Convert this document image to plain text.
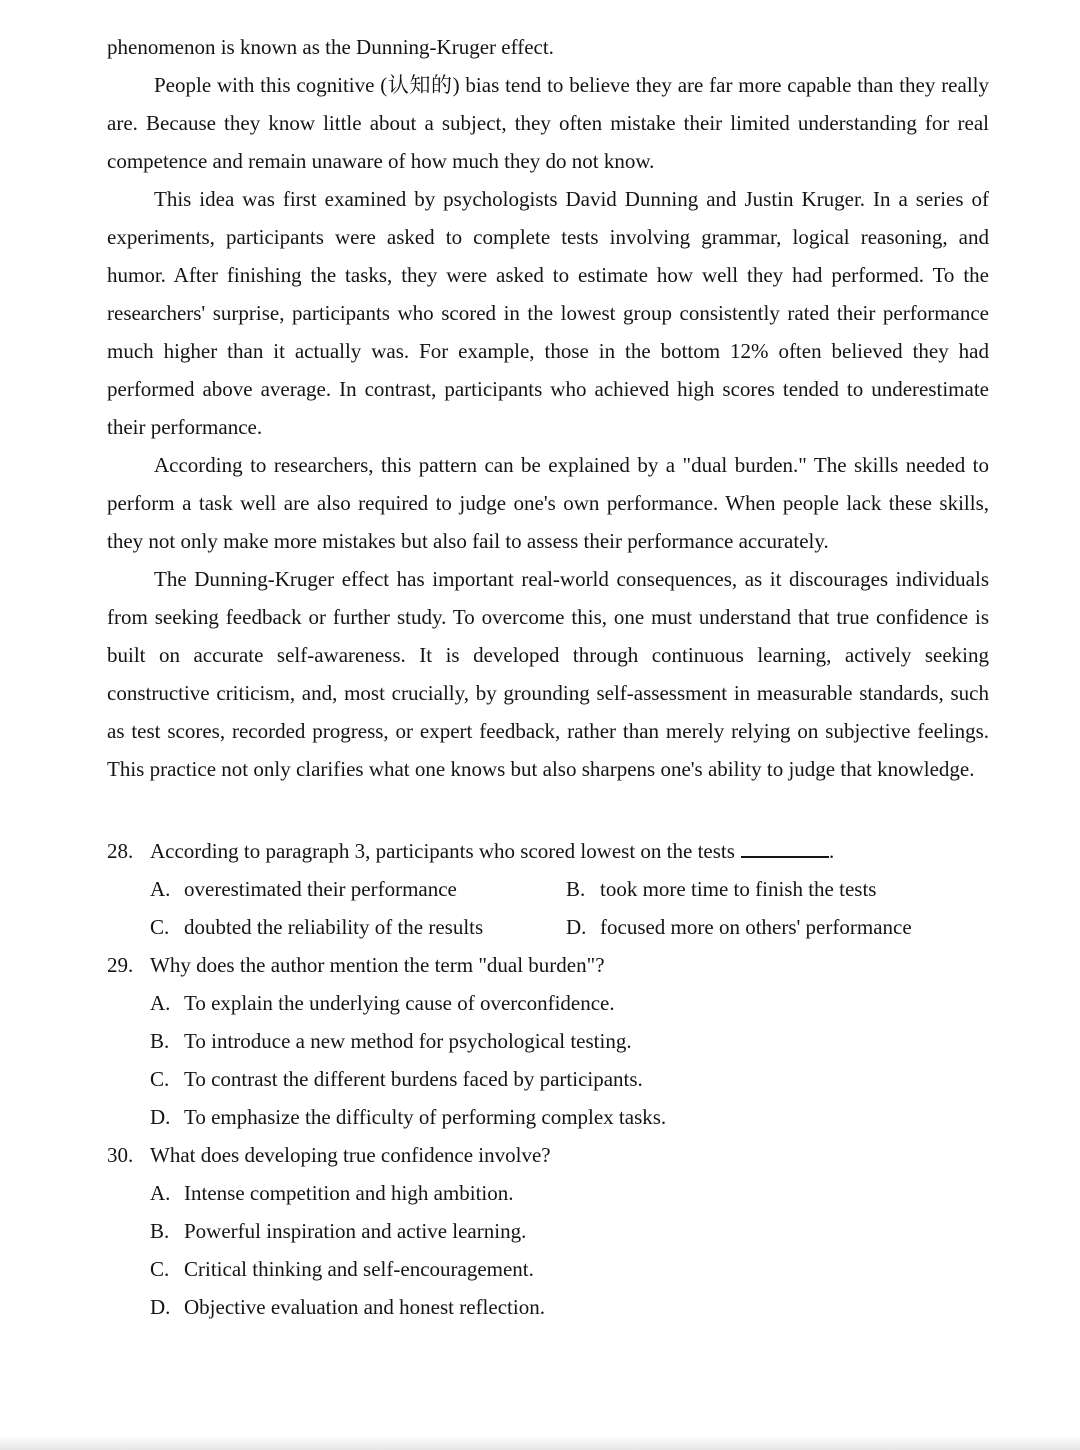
phenomenon is known as the Dunning-Kruger effect.

People with this cognitive (认知的) bias tend to believe they are far more capable than they really are. Because they know little about a subject, they often mistake their limited understanding for real competence and remain unaware of how much they do not know.

This idea was first examined by psychologists David Dunning and Justin Kruger. In a series of experiments, participants were asked to complete tests involving grammar, logical reasoning, and humor. After finishing the tasks, they were asked to estimate how well they had performed. To the researchers' surprise, participants who scored in the lowest group consistently rated their performance much higher than it actually was. For example, those in the bottom 12% often believed they had performed above average. In contrast, participants who achieved high scores tended to underestimate their performance.

According to researchers, this pattern can be explained by a "dual burden." The skills needed to perform a task well are also required to judge one's own performance. When people lack these skills, they not only make more mistakes but also fail to assess their performance accurately.

The Dunning-Kruger effect has important real-world consequences, as it discourages individuals from seeking feedback or further study. To overcome this, one must understand that true confidence is built on accurate self-awareness. It is developed through continuous learning, actively seeking constructive criticism, and, most crucially, by grounding self-assessment in measurable standards, such as test scores, recorded progress, or expert feedback, rather than merely relying on subjective feelings. This practice not only clarifies what one knows but also sharpens one's ability to judge that knowledge.

28. According to paragraph 3, participants who scored lowest on the tests	.

A. overestimated their performance	B. took more time to finish the tests
C. doubted the reliability of the results	D. focused more on others' performance

29. Why does the author mention the term "dual burden"?

A. To explain the underlying cause of overconfidence.
B. To introduce a new method for psychological testing.
C. To contrast the different burdens faced by participants.
D. To emphasize the difficulty of performing complex tasks.

30. What does developing true confidence involve?

A. Intense competition and high ambition.
B. Powerful inspiration and active learning.
C. Critical thinking and self-encouragement.
D. Objective evaluation and honest reflection.
